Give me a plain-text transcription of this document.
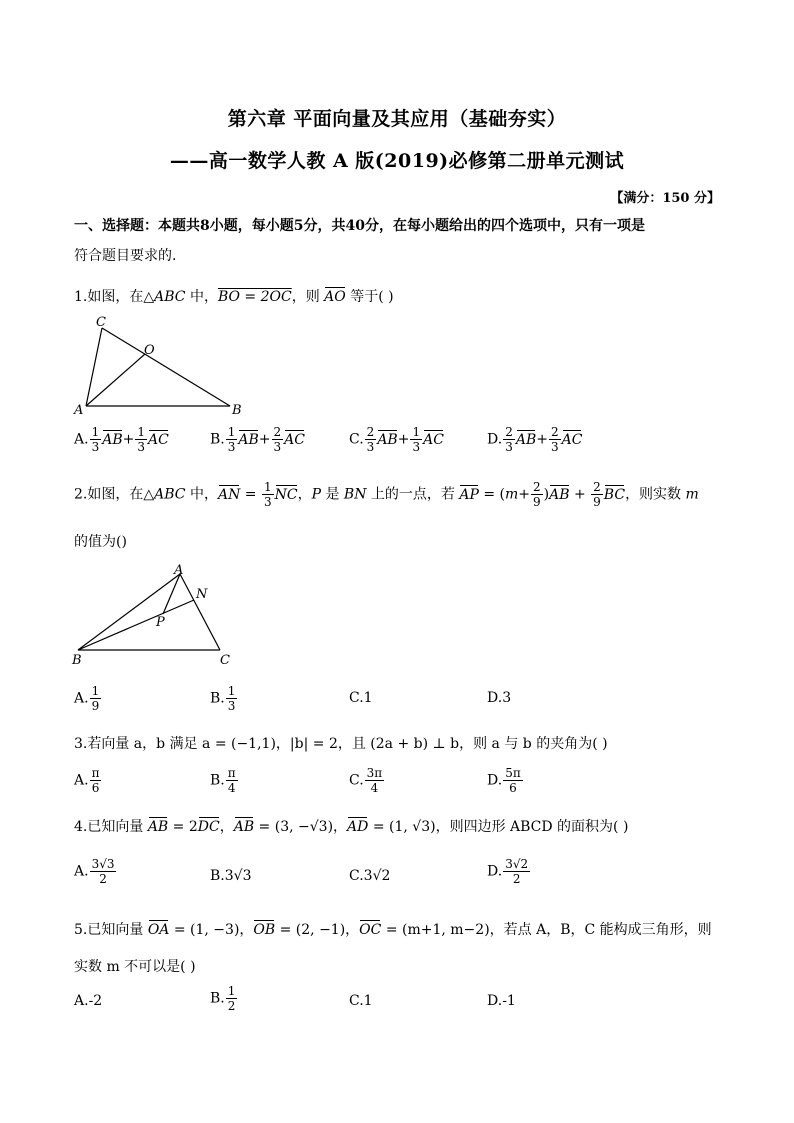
第六章 平面向量及其应用（基础夯实）
——高一数学人教 A 版(2019)必修第二册单元测试
【满分：150 分】
一、选择题：本题共8小题，每小题5分，共40分，在每小题给出的四个选项中，只有一项是
符合题目要求的.
1.如图，在△ABC 中，BO = 2OC，则 AO 等于( )
C
O
A	B
A. $\frac{1}{3} AB+ \frac{1}{3}$ AC	B. $\frac{1}{3} AB+ \frac{2}{3}$ AC	C. $\frac{2}{3} AB+ \frac{1}{3}$ AC	D. $\frac{2}{3} AB+ \frac{2}{3}$ AC
2.如图，在△ABC 中，AN = $\frac{1}{3}$ NC，P 是 BN 上的一点，若 AP = $(m+ \frac{2}{9} )AB + \frac{2}{9}$ BC，则实数 m
的值为()
A
N
P
B	C
A. $\frac{1}{9}$	B. $\frac{1}{3}$	C.1	D.3
3.若向量 a，b 满足 a = (−1,1)，|b| = 2，且 (2a + b) ⊥ b，则 a 与 b 的夹角为( )
A. $\frac{\pi}{6}$	B. $\frac{\pi}{4}$	C. $\frac{3\pi}{4}$	D. $\frac{5\pi}{6}$
4.已知向量 AB = 2DC，AB = (3, −√3)，AD = (1, √3)，则四边形 ABCD 的面积为( )
A. $\frac{3√3}{2}$	B.3√3	C.3√2	D. $\frac{3√2}{2}$
5.已知向量 OA = (1, −3)，OB = (2, −1)，OC = (m+1, m−2)，若点 A，B，C 能构成三角形，则
实数 m 不可以是( )
A.-2	B. $\frac{1}{2}$	C.1	D.-1
